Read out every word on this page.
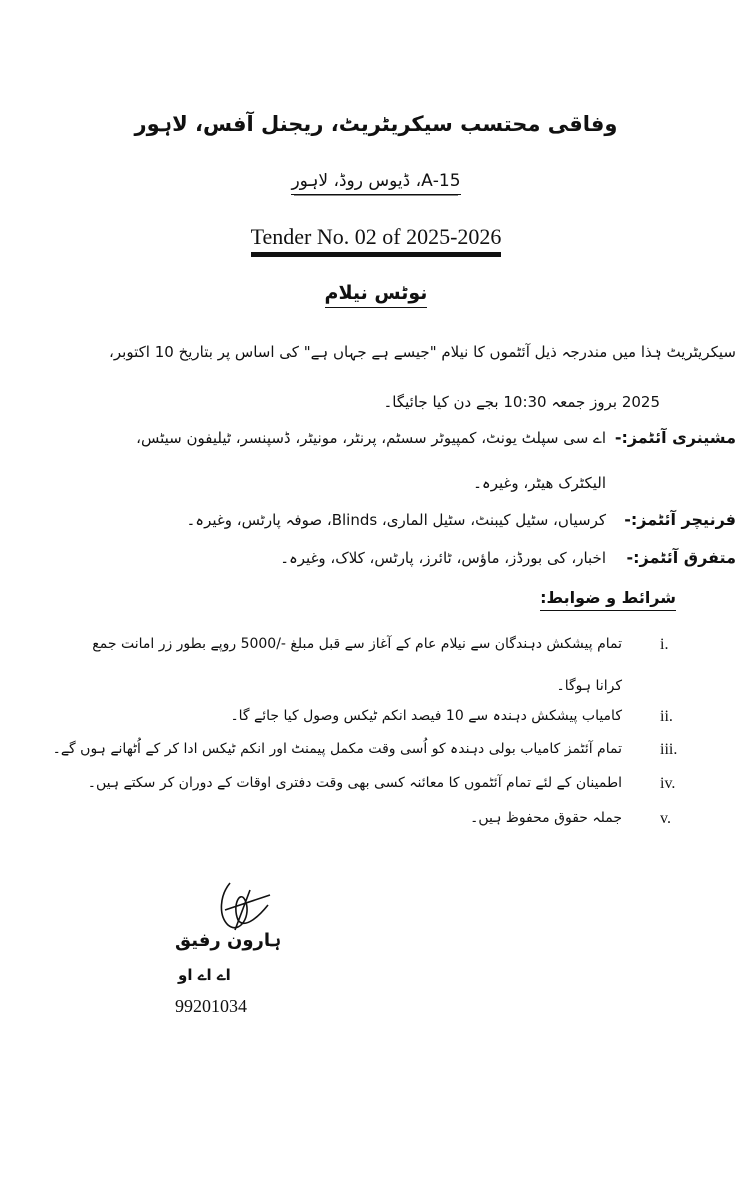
وفاقی محتسب سیکریٹریٹ، ریجنل آفس، لاہور
15-A، ڈیوس روڈ، لاہور
Tender No. 02 of 2025-2026
نوٹس نیلام
سیکریٹریٹ ہٰذا میں مندرجہ ذیل آئٹموں کا نیلام "جیسے ہے جہاں ہے" کی اساس پر بتاریخ 10 اکتوبر،
2025 بروز جمعہ 10:30 بجے دن کیا جائیگا۔
مشینری آئٹمز:-اے سی سپلٹ یونٹ، کمپیوٹر سسٹم، پرنٹر، مونیٹر، ڈسپنسر، ٹیلیفون سیٹس،
الیکٹرک ھیٹر، وغیرہ۔
فرنیچر آئٹمز:-کرسیاں، سٹیل کیبنٹ، سٹیل الماری، Blinds، صوفہ پارٹس، وغیرہ۔
متفرق آئٹمز:-اخبار، کی بورڈز، ماؤس، ٹائرز، پارٹس، کلاک، وغیرہ۔
شرائط و ضوابط:
i.
تمام پیشکش دہندگان سے نیلام عام کے آغاز سے قبل مبلغ -/5000 روپے بطور زر امانت جمع
کرانا ہوگا۔
ii.
کامیاب پیشکش دہندہ سے 10 فیصد انکم ٹیکس وصول کیا جائے گا۔
iii.
تمام آئٹمز کامیاب بولی دہندہ کو اُسی وقت مکمل پیمنٹ اور انکم ٹیکس ادا کر کے اُٹھانے ہوں گے۔
iv.
اطمینان کے لئے تمام آئٹموں کا معائنہ کسی بھی وقت دفتری اوقات کے دوران کر سکتے ہیں۔
v.
جملہ حقوق محفوظ ہیں۔
ہارون رفیق
اے اے او
99201034
